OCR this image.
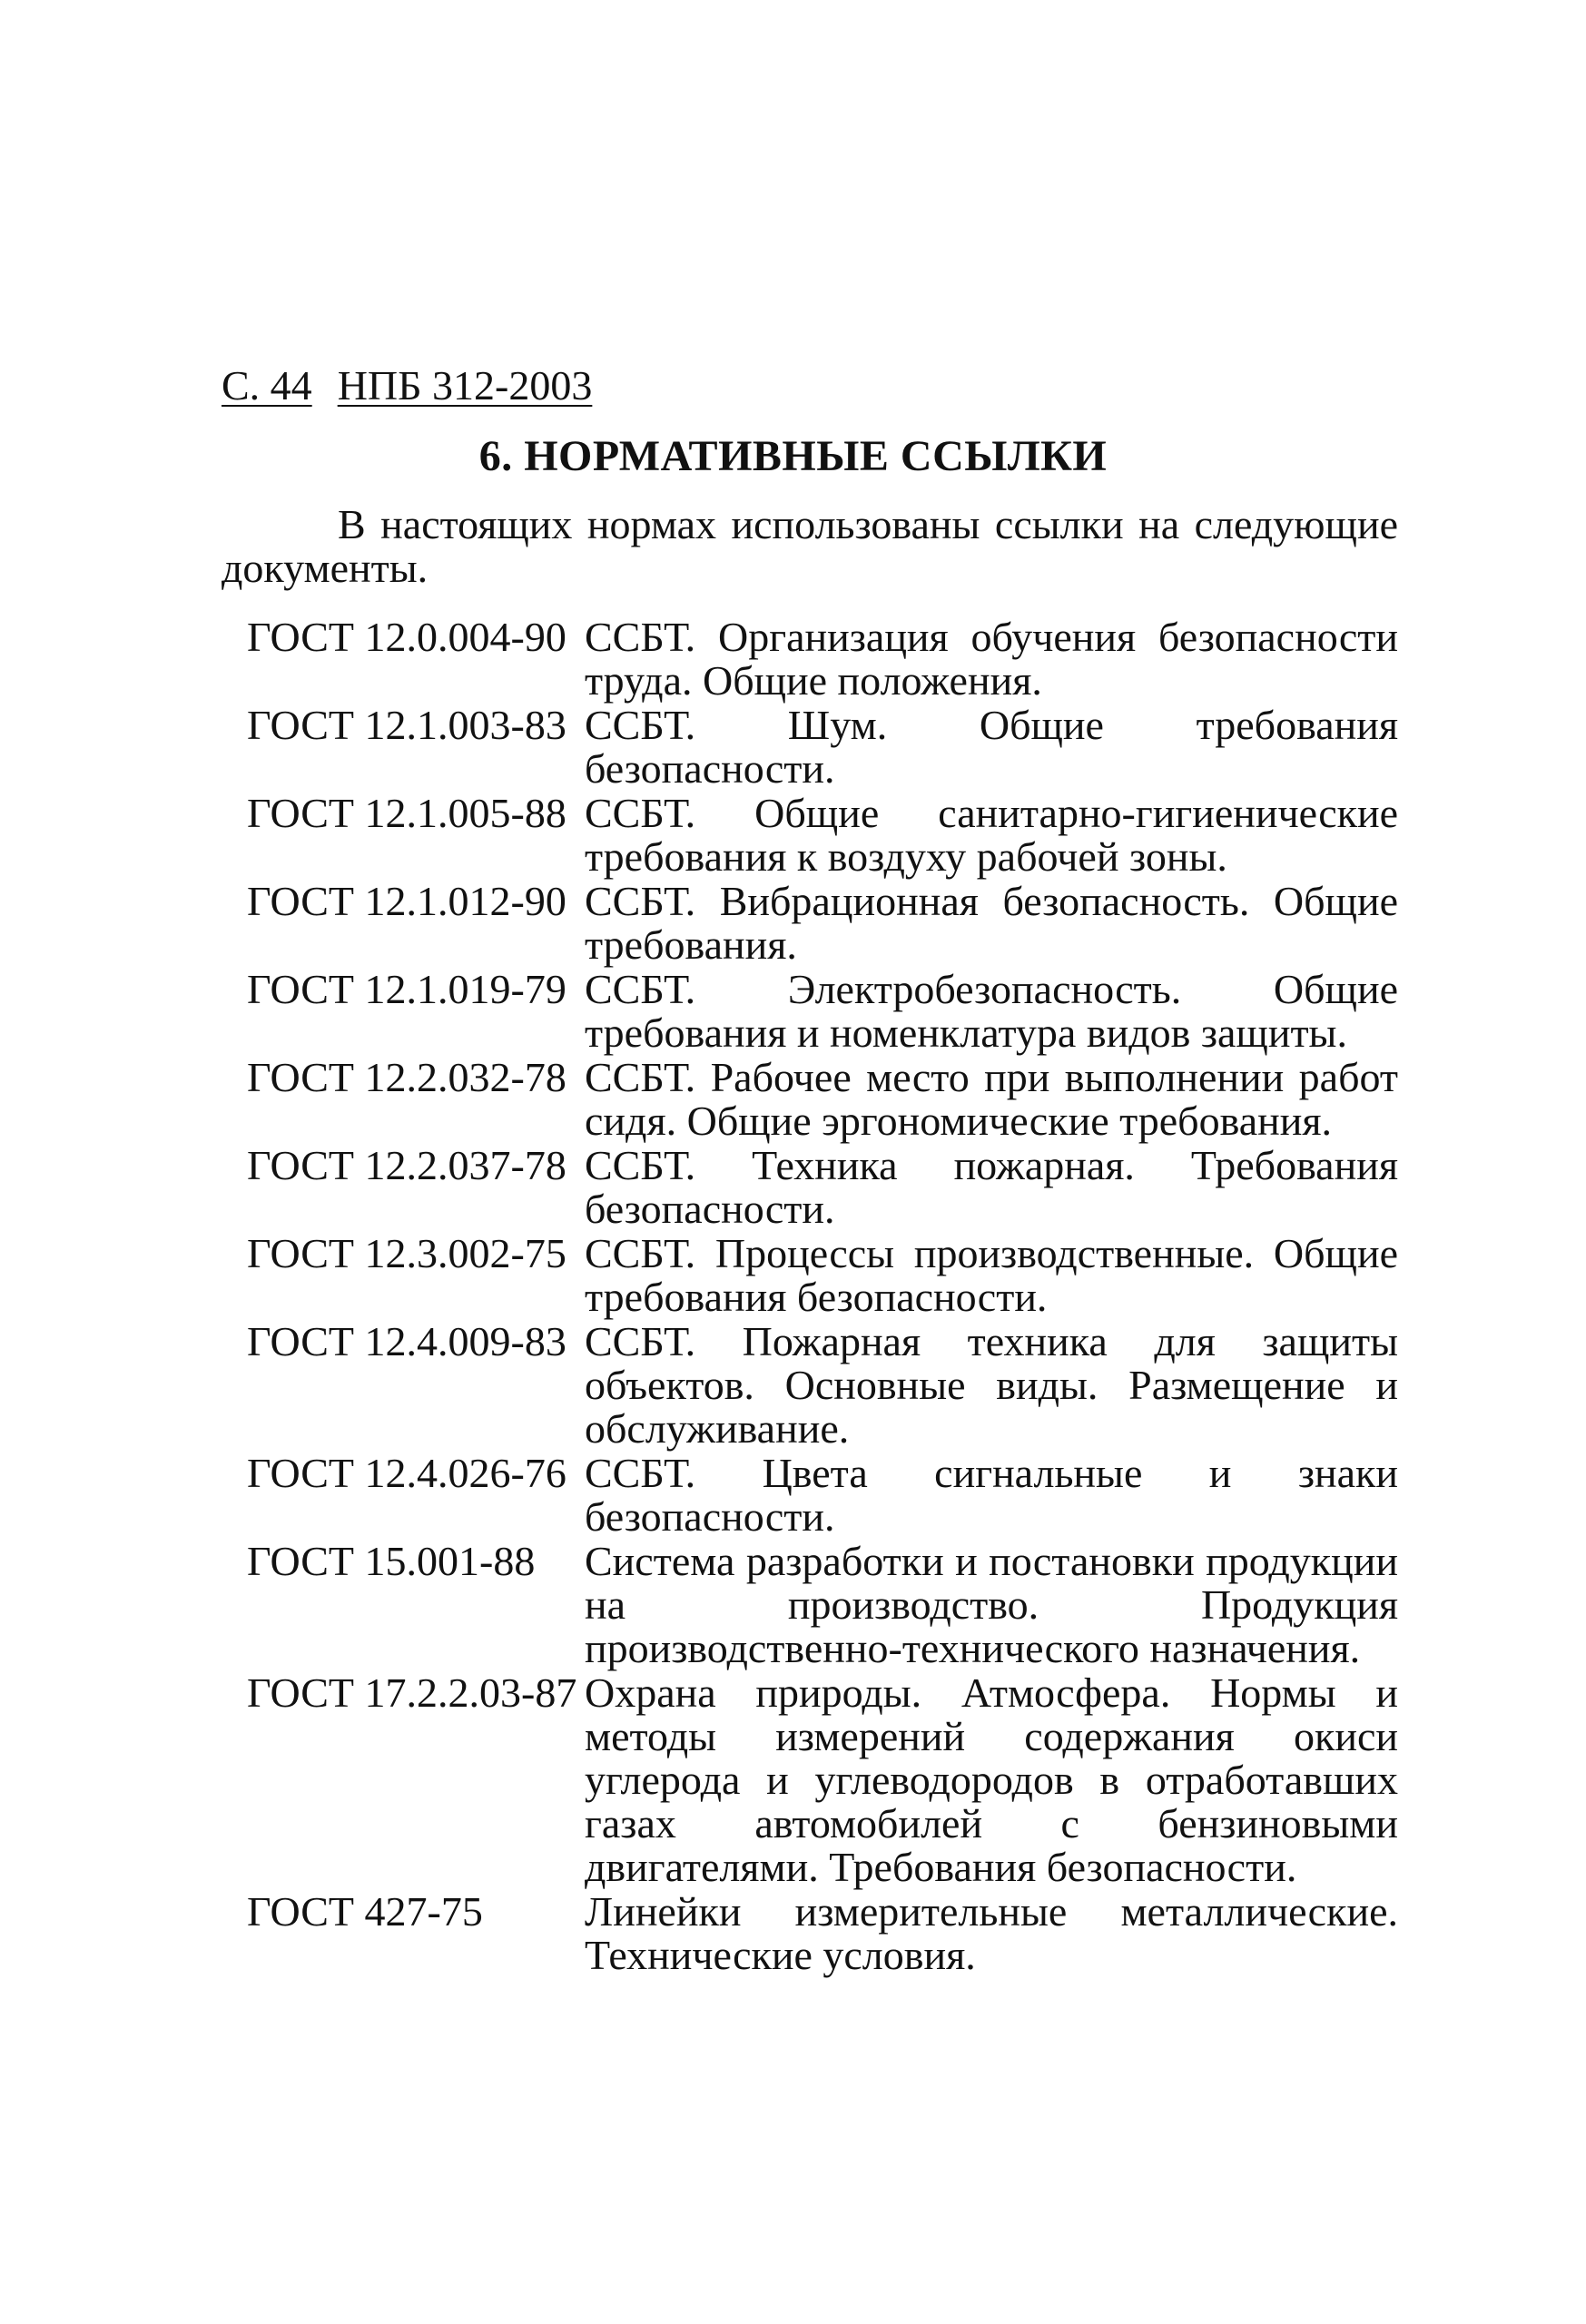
С. 44 НПБ 312-2003
6. НОРМАТИВНЫЕ ССЫЛКИ
В настоящих нормах использованы ссылки на следующие документы.
ГОСТ 12.0.004-90 ССБТ. Организация обучения безопасности труда. Общие положения.
ГОСТ 12.1.003-83 ССБТ. Шум. Общие требования безопасности.
ГОСТ 12.1.005-88 ССБТ. Общие санитарно-гигиенические требования к воздуху рабочей зоны.
ГОСТ 12.1.012-90 ССБТ. Вибрационная безопасность. Общие требования.
ГОСТ 12.1.019-79 ССБТ. Электробезопасность. Общие требования и номенклатура видов защиты.
ГОСТ 12.2.032-78 ССБТ. Рабочее место при выполнении работ сидя. Общие эргономические требования.
ГОСТ 12.2.037-78 ССБТ. Техника пожарная. Требования безопасности.
ГОСТ 12.3.002-75 ССБТ. Процессы производственные. Общие требования безопасности.
ГОСТ 12.4.009-83 ССБТ. Пожарная техника для защиты объектов. Основные виды. Размещение и обслуживание.
ГОСТ 12.4.026-76 ССБТ. Цвета сигнальные и знаки безопасности.
ГОСТ 15.001-88	Система разработки и постановки продукции на производство. Продукция производственно-технического назначения.
ГОСТ 17.2.2.03-87 Охрана природы. Атмосфера. Нормы и методы измерений содержания окиси углерода и углеводородов в отработавших газах автомобилей с бензиновыми двигателями. Требования безопасности.
ГОСТ 427-75	Линейки измерительные металлические. Технические условия.
